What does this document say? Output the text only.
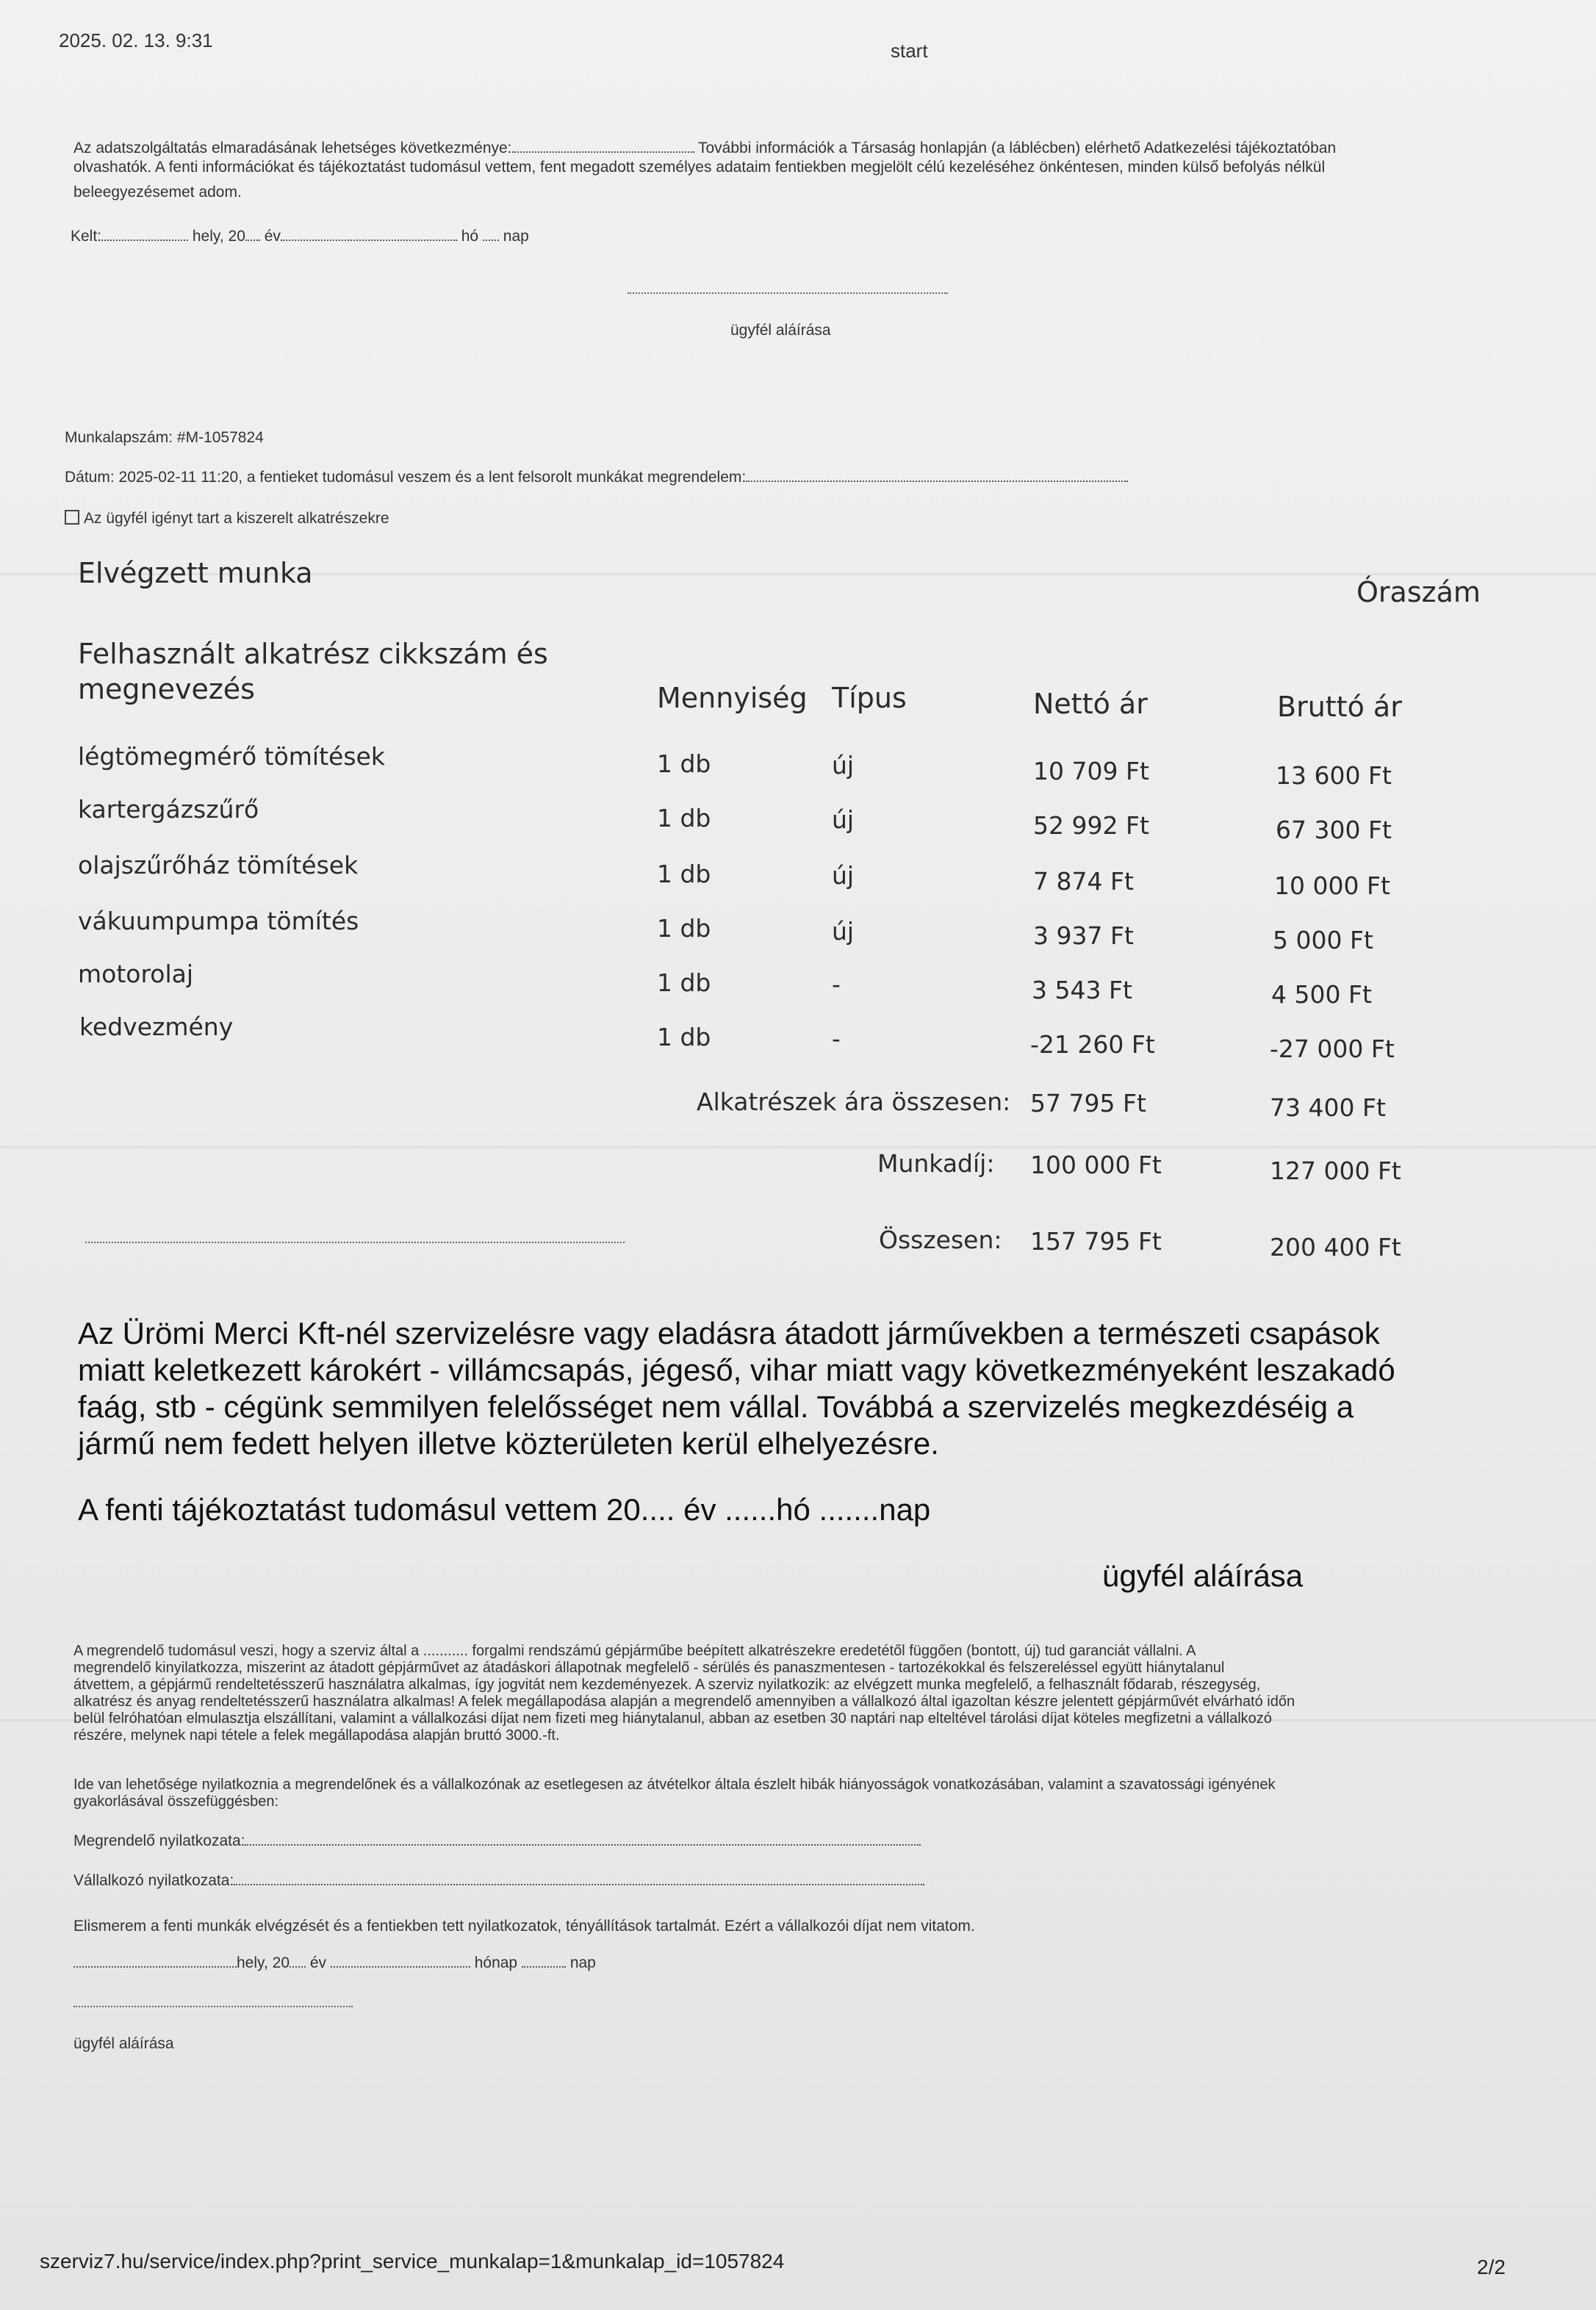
2025. 02. 13. 9:31	start
Az adatszolgáltatás elmaradásának lehetséges következménye:	További információk a Társaság honlapján (a láblécben) elérhető Adatkezelési tájékoztatóban
olvashatók. A fenti információkat és tájékoztatást tudomásul vettem, fent megadott személyes adataim fentiekben megjelölt célú kezeléséhez önkéntesen, minden külső befolyás nélkül
beleegyezésemet adom.
Kelt:	hely, 20 év	hó nap
ügyfél aláírása
Munkalapszám: #M-1057824
Dátum: 2025-02-11 11:20, a fentieket tudomásul veszem és a lent felsorolt munkákat megrendelem:
Az ügyfél igényt tart a kiszerelt alkatrészekre
Elvégzett munka
Óraszám
Felhasznált alkatrész cikkszám és megnevezés	Mennyiség Típus	Nettó ár	Bruttó ár
légtömegmérő tömítések	1 db	új	10 709 Ft	13 600 Ft
kartergázszűrő	1 db	új	52 992 Ft	67 300 Ft
olajszűrőház tömítések	1 db	új	7 874 Ft	10 000 Ft
vákuumpumpa tömítés	1 db	új	3 937 Ft	5 000 Ft
motorolaj	1 db	-	3 543 Ft	4 500 Ft
kedvezmény	1 db	-	-21 260 Ft	-27 000 Ft
Alkatrészek ára összesen: 57 795 Ft	73 400 Ft
Munkadíj: 100 000 Ft	127 000 Ft
Összesen: 157 795 Ft	200 400 Ft
Az Ürömi Merci Kft-nél szervizelésre vagy eladásra átadott járművekben a természeti csapások
miatt keletkezett károkért - villámcsapás, jégeső, vihar miatt vagy következményeként leszakadó
faág, stb - cégünk semmilyen felelősséget nem vállal. Továbbá a szervizelés megkezdéséig a
jármű nem fedett helyen illetve közterületen kerül elhelyezésre.
A fenti tájékoztatást tudomásul vettem 20.... év ......hó .......nap
ügyfél aláírása
A megrendelő tudomásul veszi, hogy a szerviz által a ........... forgalmi rendszámú gépjárműbe beépített alkatrészekre eredetétől függően (bontott, új) tud garanciát vállalni. A
megrendelő kinyilatkozza, miszerint az átadott gépjárművet az átadáskori állapotnak megfelelő - sérülés és panaszmentesen - tartozékokkal és felszereléssel együtt hiánytalanul
átvettem, a gépjármű rendeltetésszerű használatra alkalmas, így jogvitát nem kezdeményezek. A szerviz nyilatkozik: az elvégzett munka megfelelő, a felhasznált fődarab, részegység,
alkatrész és anyag rendeltetésszerű használatra alkalmas! A felek megállapodása alapján a megrendelő amennyiben a vállalkozó által igazoltan készre jelentett gépjárművét elvárható időn
belül felróhatóan elmulasztja elszállítani, valamint a vállalkozási díjat nem fizeti meg hiánytalanul, abban az esetben 30 naptári nap elteltével tárolási díjat köteles megfizetni a vállalkozó
részére, melynek napi tétele a felek megállapodása alapján bruttó 3000.-ft.
Ide van lehetősége nyilatkoznia a megrendelőnek és a vállalkozónak az esetlegesen az átvételkor általa észlelt hibák hiányosságok vonatkozásában, valamint a szavatossági igényének
gyakorlásával összefüggésben:
Megrendelő nyilatkozata:
Vállalkozó nyilatkozata:
Elismerem a fenti munkák elvégzését és a fentiekben tett nyilatkozatok, tényállítások tartalmát. Ezért a vállalkozói díjat nem vitatom.
hely, 20 év	hónap	nap
ügyfél aláírása
szerviz7.hu/service/index.php?print_service_munkalap=1&munkalap_id=1057824	2/2
